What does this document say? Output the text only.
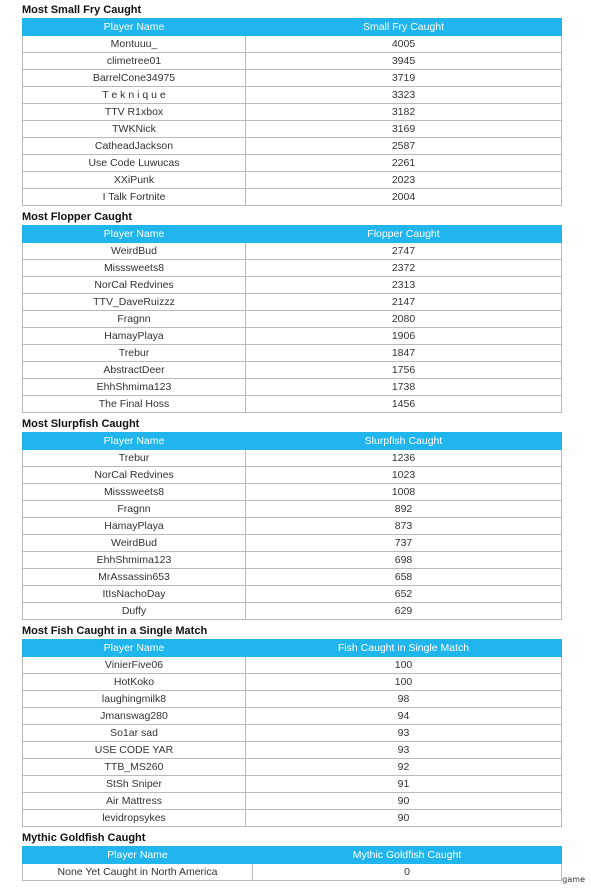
Most Small Fry Caught
Player Name	Small Fry Caught
Montuuu_	4005
climetree01	3945
BarrelCone34975	3719
T e k n i q u e	3323
TTV R1xbox	3182
TWKNick	3169
CatheadJackson	2587
Use Code Luwucas	2261
XXiPunk	2023
I Talk Fortnite	2004
Most Flopper Caught
Player Name	Flopper Caught
WeirdBud	2747
Misssweets8	2372
NorCal Redvines	2313
TTV_DaveRuizzz	2147
Fragnn	2080
HamayPlaya	1906
Trebur	1847
AbstractDeer	1756
EhhShmima123	1738
The Final Hoss	1456
Most Slurpfish Caught
Player Name	Slurpfish Caught
Trebur	1236
NorCal Redvines	1023
Misssweets8	1008
Fragnn	892
HamayPlaya	873
WeirdBud	737
EhhShmima123	698
MrAssassin653	658
ItIsNachoDay	652
Duffy	629
Most Fish Caught in a Single Match
Player Name	Fish Caught in Single Match
VinierFive06	100
HotKoko	100
laughingmilk8	98
Jmanswag280	94
So1ar sad	93
USE CODE YAR	93
TTB_MS260	92
StSh Sniper	91
Air Mattress	90
levidropsykes	90
Mythic Goldfish Caught
Player Name	Mythic Goldfish Caught
None Yet Caught in North America	0
game
